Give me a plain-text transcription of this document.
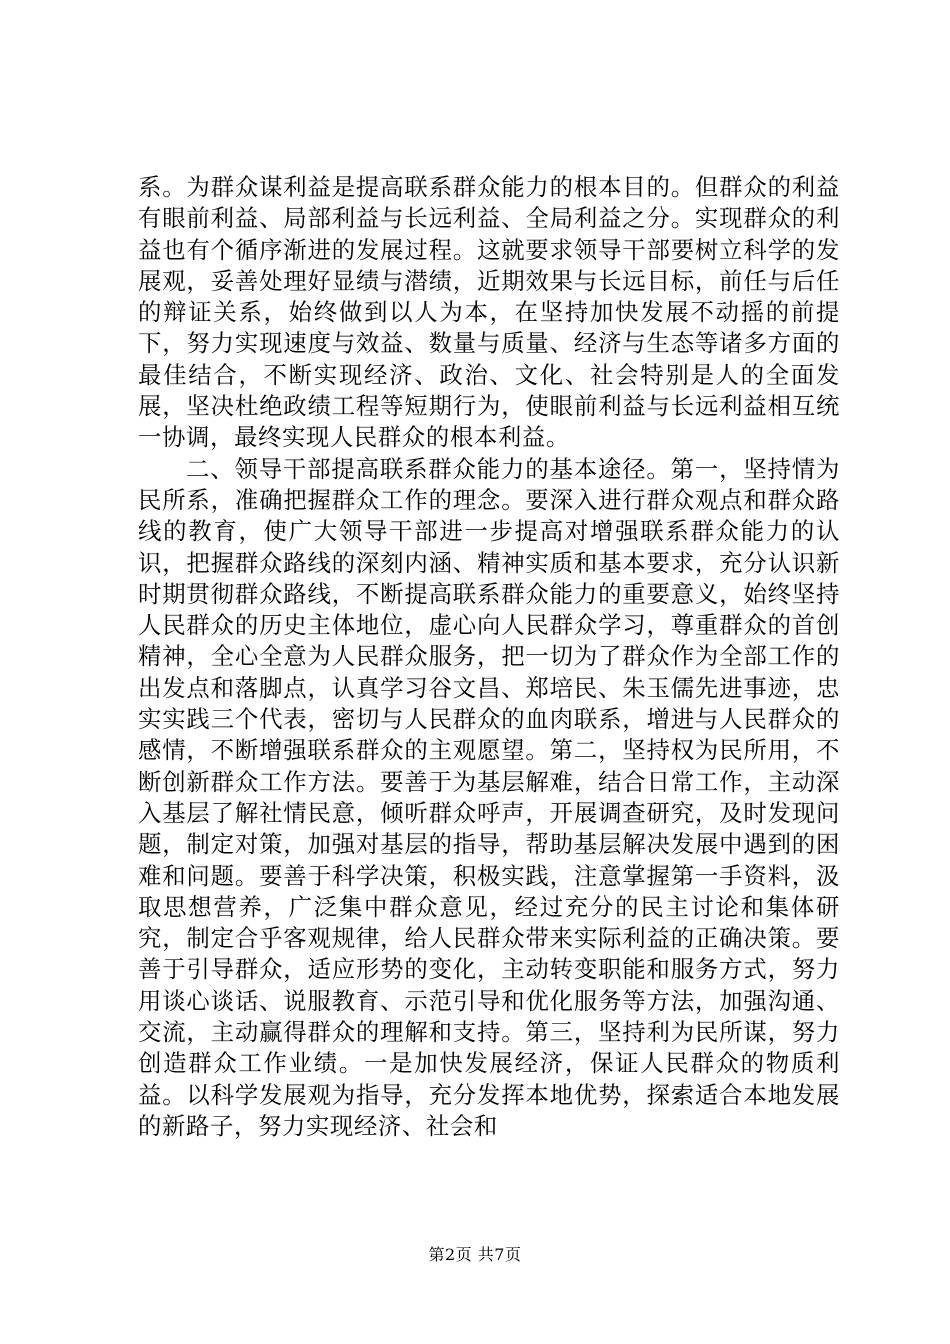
系。为群众谋利益是提高联系群众能力的根本目的。但群众的利益有眼前利益、局部利益与长远利益、全局利益之分。实现群众的利益也有个循序渐进的发展过程。这就要求领导干部要树立科学的发展观，妥善处理好显绩与潜绩，近期效果与长远目标，前任与后任的辩证关系，始终做到以人为本，在坚持加快发展不动摇的前提下，努力实现速度与效益、数量与质量、经济与生态等诸多方面的最佳结合，不断实现经济、政治、文化、社会特别是人的全面发展，坚决杜绝政绩工程等短期行为，使眼前利益与长远利益相互统一协调，最终实现人民群众的根本利益。

二、领导干部提高联系群众能力的基本途径。第一，坚持情为民所系，准确把握群众工作的理念。要深入进行群众观点和群众路线的教育，使广大领导干部进一步提高对增强联系群众能力的认识，把握群众路线的深刻内涵、精神实质和基本要求，充分认识新时期贯彻群众路线，不断提高联系群众能力的重要意义，始终坚持人民群众的历史主体地位，虚心向人民群众学习，尊重群众的首创精神，全心全意为人民群众服务，把一切为了群众作为全部工作的出发点和落脚点，认真学习谷文昌、郑培民、朱玉儒先进事迹，忠实实践三个代表，密切与人民群众的血肉联系，增进与人民群众的感情，不断增强联系群众的主观愿望。第二，坚持权为民所用，不断创新群众工作方法。要善于为基层解难，结合日常工作，主动深入基层了解社情民意，倾听群众呼声，开展调查研究，及时发现问题，制定对策，加强对基层的指导，帮助基层解决发展中遇到的困难和问题。要善于科学决策，积极实践，注意掌握第一手资料，汲取思想营养，广泛集中群众意见，经过充分的民主讨论和集体研究，制定合乎客观规律，给人民群众带来实际利益的正确决策。要善于引导群众，适应形势的变化，主动转变职能和服务方式，努力用谈心谈话、说服教育、示范引导和优化服务等方法，加强沟通、交流，主动赢得群众的理解和支持。第三，坚持利为民所谋，努力创造群众工作业绩。一是加快发展经济，保证人民群众的物质利益。以科学发展观为指导，充分发挥本地优势，探索适合本地发展的新路子，努力实现经济、社会和

第2页 共7页
